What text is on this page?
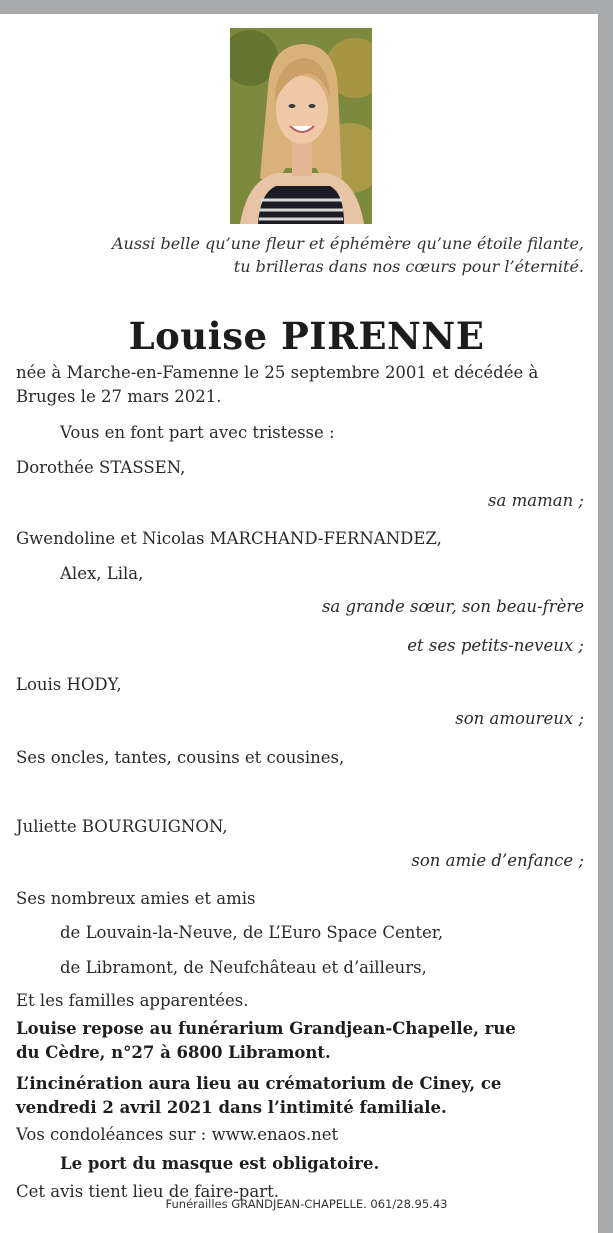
Aussi belle qu’une fleur et éphémère qu’une étoile filante,
tu brilleras dans nos cœurs pour l’éternité.
Louise PIRENNE
née à Marche-en-Famenne le 25 septembre 2001 et décédée à
Bruges le 27 mars 2021.
Vous en font part avec tristesse :
Dorothée STASSEN,
sa maman ;
Gwendoline et Nicolas MARCHAND-FERNANDEZ,
Alex, Lila,
sa grande sœur, son beau-frère
et ses petits-neveux ;
Louis HODY,
son amoureux ;
Ses oncles, tantes, cousins et cousines,
Juliette BOURGUIGNON,
son amie d’enfance ;
Ses nombreux amies et amis
de Louvain-la-Neuve, de L’Euro Space Center,
de Libramont, de Neufchâteau et d’ailleurs,
Et les familles apparentées.
Louise repose au funérarium Grandjean-Chapelle, rue
du Cèdre, n°27 à 6800 Libramont.
L’incinération aura lieu au crématorium de Ciney, ce
vendredi 2 avril 2021 dans l’intimité familiale.
Vos condoléances sur : www.enaos.net
Le port du masque est obligatoire.
Cet avis tient lieu de faire-part.
Funérailles GRANDJEAN-CHAPELLE. 061/28.95.43
